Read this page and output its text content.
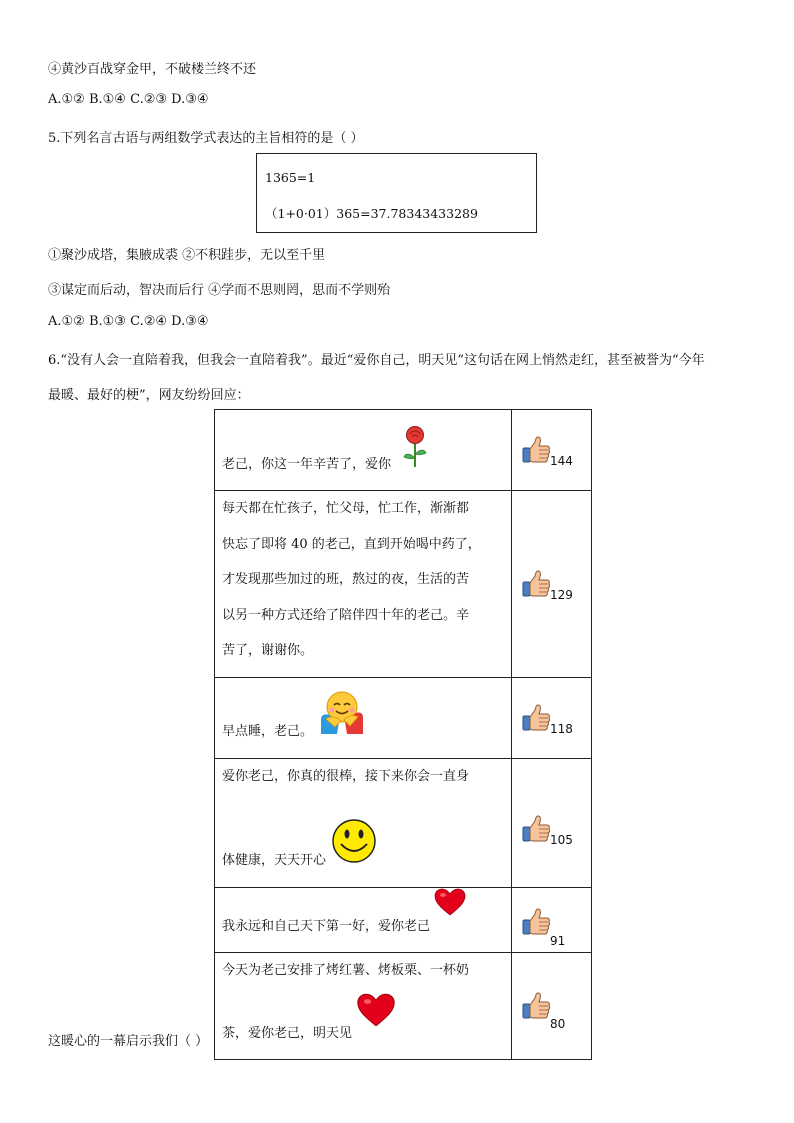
④黄沙百战穿金甲，不破楼兰终不还
A.①② B.①④ C.②③ D.③④
5.下列名言古语与两组数学式表达的主旨相符的是（ ）
1365=1
（1+0·01）365=37.78343433289
①聚沙成塔，集腋成裘 ②不积跬步，无以至千里
③谋定而后动，智决而后行 ④学而不思则罔，思而不学则殆
A.①② B.①③ C.②④ D.③④
6.“没有人会一直陪着我，但我会一直陪着我”。最近“爱你自己，明天见”这句话在网上悄然走红，甚至被誉为“今年
最暖、最好的梗”，网友纷纷回应：
老己，你这一年辛苦了，爱你	144

每天都在忙孩子，忙父母，忙工作，渐渐都
快忘了即将 40 的老己，直到开始喝中药了，
才发现那些加过的班，熬过的夜，生活的苦
以另一种方式还给了陪伴四十年的老己。辛
苦了，谢谢你。	129

早点睡，老己。	118

爱你老己，你真的很棒，接下来你会一直身
体健康，天天开心	105

我永远和自己天下第一好，爱你老己	91

今天为老己安排了烤红薯、烤板栗、一杯奶
茶，爱你老己，明天见	80
这暖心的一幕启示我们（ ）
